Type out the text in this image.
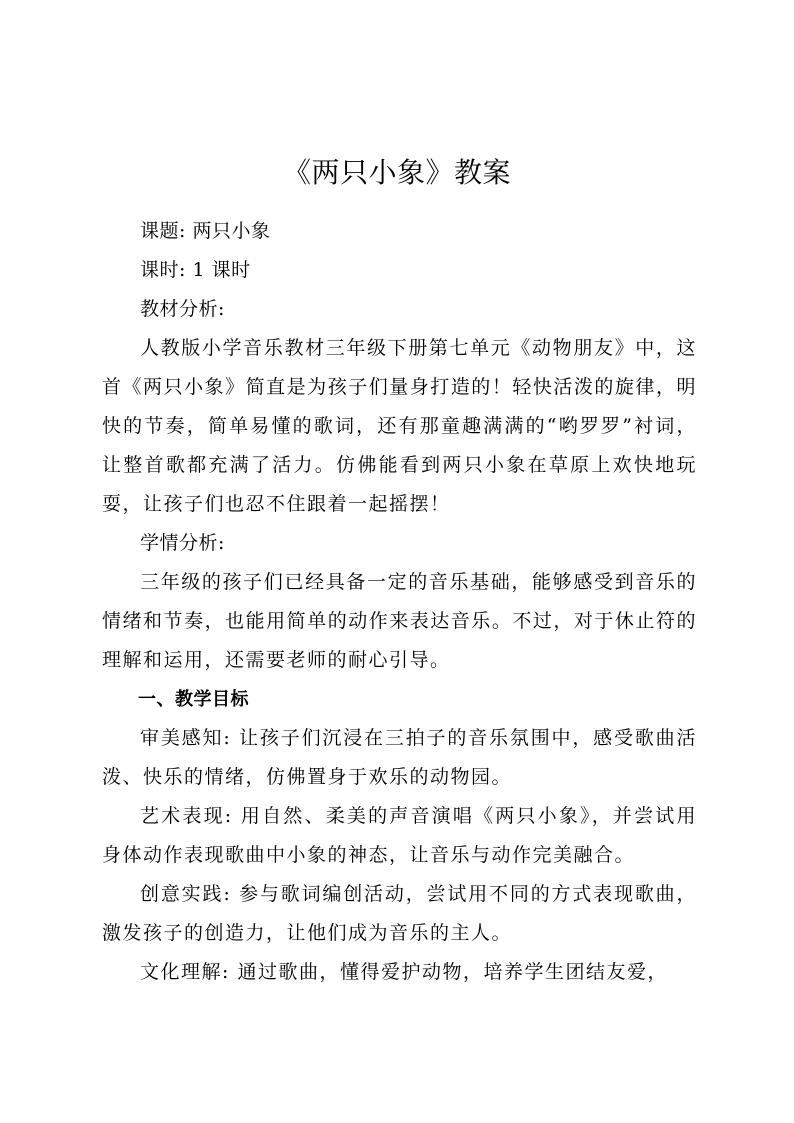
《两只小象》教案

课题: 两只小象

课时: 1 课时

教材分析:

人教版小学音乐教材三年级下册第七单元《动物朋友》中，这首《两只小象》简直是为孩子们量身打造的！轻快活泼的旋律，明快的节奏，简单易懂的歌词，还有那童趣满满的“哟罗罗”衬词，让整首歌都充满了活力。仿佛能看到两只小象在草原上欢快地玩耍，让孩子们也忍不住跟着一起摇摆！

学情分析:

三年级的孩子们已经具备一定的音乐基础，能够感受到音乐的情绪和节奏，也能用简单的动作来表达音乐。不过，对于休止符的理解和运用，还需要老师的耐心引导。

一、教学目标

审美感知: 让孩子们沉浸在三拍子的音乐氛围中，感受歌曲活泼、快乐的情绪，仿佛置身于欢乐的动物园。

艺术表现: 用自然、柔美的声音演唱《两只小象》，并尝试用身体动作表现歌曲中小象的神态，让音乐与动作完美融合。

创意实践: 参与歌词编创活动，尝试用不同的方式表现歌曲，激发孩子的创造力，让他们成为音乐的主人。

文化理解: 通过歌曲，懂得爱护动物，培养学生团结友爱，
